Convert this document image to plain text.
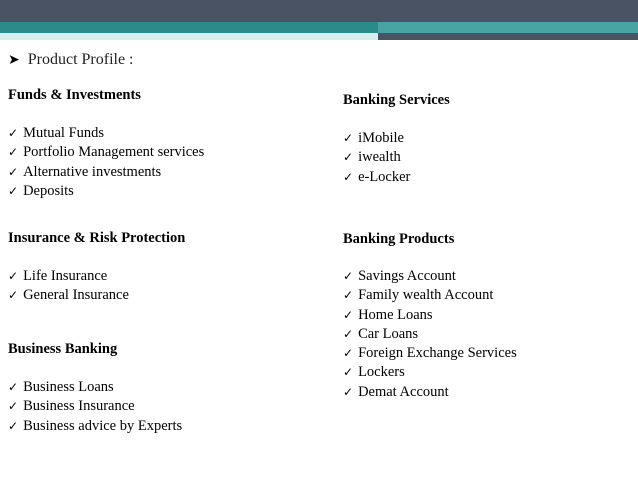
➤ Product Profile :
Funds & Investments
✓ Mutual Funds
✓ Portfolio Management services
✓ Alternative investments
✓ Deposits
Insurance & Risk Protection
✓ Life Insurance
✓ General Insurance
Business Banking
✓ Business Loans
✓ Business Insurance
✓ Business advice by Experts
Banking Services
✓ iMobile
✓ iwealth
✓ e-Locker
Banking Products
✓ Savings Account
✓ Family wealth Account
✓ Home Loans
✓ Car Loans
✓ Foreign Exchange Services
✓ Lockers
✓ Demat Account
